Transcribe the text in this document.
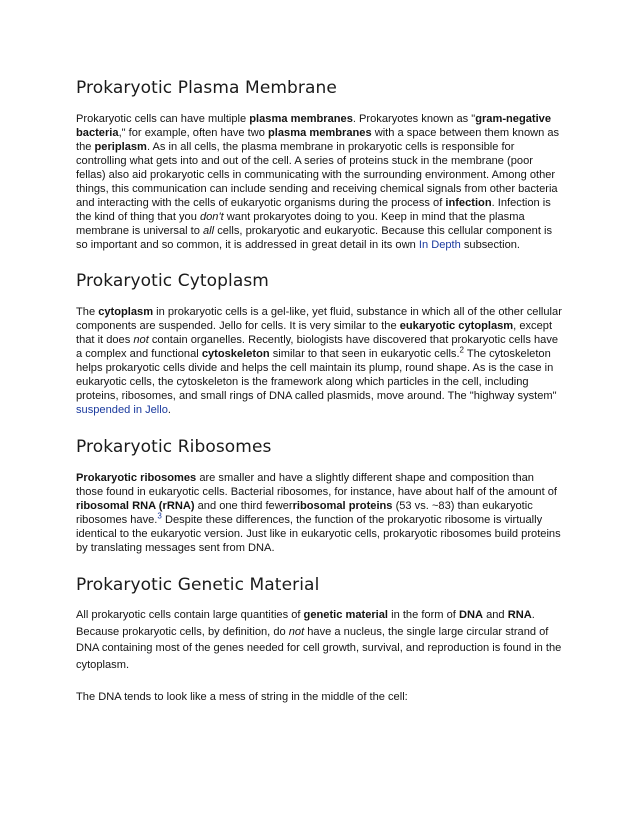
Prokaryotic Plasma Membrane

Prokaryotic cells can have multiple plasma membranes. Prokaryotes known as "gram-negative bacteria," for example, often have two plasma membranes with a space between them known as the periplasm. As in all cells, the plasma membrane in prokaryotic cells is responsible for controlling what gets into and out of the cell. A series of proteins stuck in the membrane (poor fellas) also aid prokaryotic cells in communicating with the surrounding environment. Among other things, this communication can include sending and receiving chemical signals from other bacteria and interacting with the cells of eukaryotic organisms during the process of infection. Infection is the kind of thing that you don't want prokaryotes doing to you. Keep in mind that the plasma membrane is universal to all cells, prokaryotic and eukaryotic. Because this cellular component is so important and so common, it is addressed in great detail in its own In Depth subsection.

Prokaryotic Cytoplasm

The cytoplasm in prokaryotic cells is a gel-like, yet fluid, substance in which all of the other cellular components are suspended. Jello for cells. It is very similar to the eukaryotic cytoplasm, except that it does not contain organelles. Recently, biologists have discovered that prokaryotic cells have a complex and functional cytoskeleton similar to that seen in eukaryotic cells.$^2$ The cytoskeleton helps prokaryotic cells divide and helps the cell maintain its plump, round shape. As is the case in eukaryotic cells, the cytoskeleton is the framework along which particles in the cell, including proteins, ribosomes, and small rings of DNA called plasmids, move around. The "highway system" suspended in Jello.

Prokaryotic Ribosomes

Prokaryotic ribosomes are smaller and have a slightly different shape and composition than those found in eukaryotic cells. Bacterial ribosomes, for instance, have about half of the amount of ribosomal RNA (rRNA) and one third fewerribosomal proteins (53 vs. ~83) than eukaryotic ribosomes have.$^3$ Despite these differences, the function of the prokaryotic ribosome is virtually identical to the eukaryotic version. Just like in eukaryotic cells, prokaryotic ribosomes build proteins by translating messages sent from DNA.

Prokaryotic Genetic Material

All prokaryotic cells contain large quantities of genetic material in the form of DNA and RNA. Because prokaryotic cells, by definition, do not have a nucleus, the single large circular strand of DNA containing most of the genes needed for cell growth, survival, and reproduction is found in the cytoplasm.

The DNA tends to look like a mess of string in the middle of the cell:
